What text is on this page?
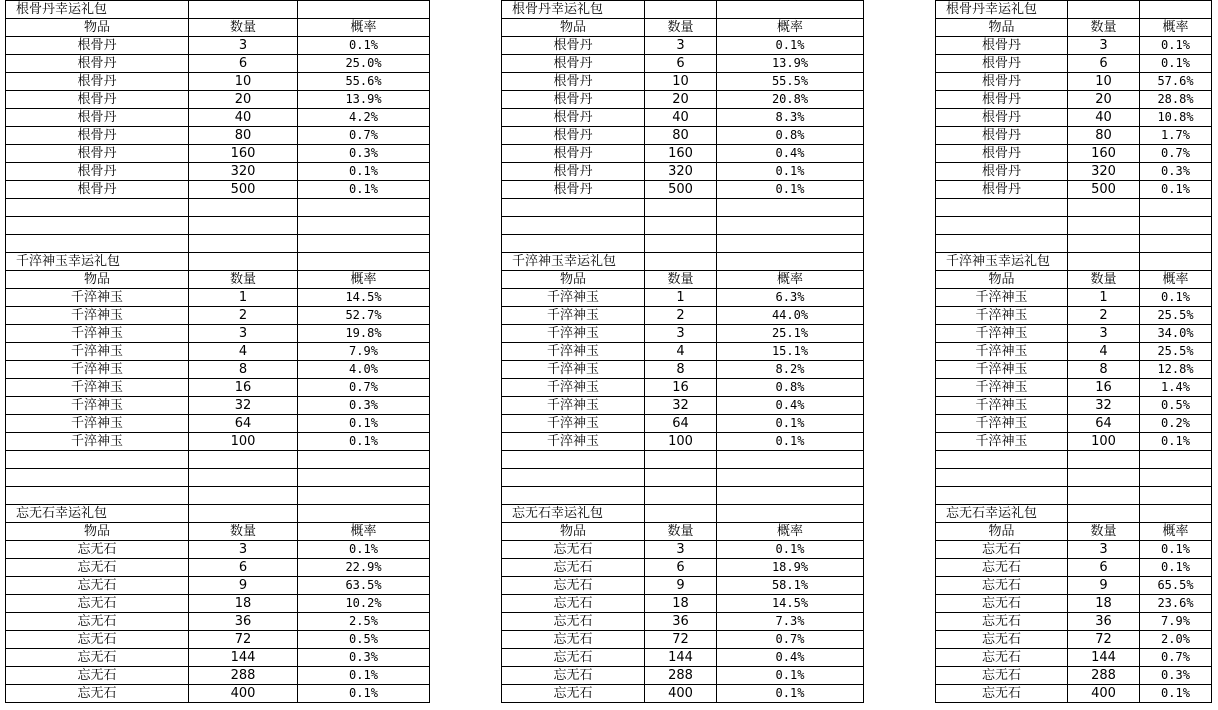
根骨丹幸运礼包		
物品	数量	概率
根骨丹	3	0.1%
根骨丹	6	25.0%
根骨丹	10	55.6%
根骨丹	20	13.9%
根骨丹	40	4.2%
根骨丹	80	0.7%
根骨丹	160	0.3%
根骨丹	320	0.1%
根骨丹	500	0.1%

千淬神玉幸运礼包		
物品	数量	概率
千淬神玉	1	14.5%
千淬神玉	2	52.7%
千淬神玉	3	19.8%
千淬神玉	4	7.9%
千淬神玉	8	4.0%
千淬神玉	16	0.7%
千淬神玉	32	0.3%
千淬神玉	64	0.1%
千淬神玉	100	0.1%

忘无石幸运礼包		
物品	数量	概率
忘无石	3	0.1%
忘无石	6	22.9%
忘无石	9	63.5%
忘无石	18	10.2%
忘无石	36	2.5%
忘无石	72	0.5%
忘无石	144	0.3%
忘无石	288	0.1%
忘无石	400	0.1%
根骨丹幸运礼包		
物品	数量	概率
根骨丹	3	0.1%
根骨丹	6	13.9%
根骨丹	10	55.5%
根骨丹	20	20.8%
根骨丹	40	8.3%
根骨丹	80	0.8%
根骨丹	160	0.4%
根骨丹	320	0.1%
根骨丹	500	0.1%

千淬神玉幸运礼包		
物品	数量	概率
千淬神玉	1	6.3%
千淬神玉	2	44.0%
千淬神玉	3	25.1%
千淬神玉	4	15.1%
千淬神玉	8	8.2%
千淬神玉	16	0.8%
千淬神玉	32	0.4%
千淬神玉	64	0.1%
千淬神玉	100	0.1%

忘无石幸运礼包		
物品	数量	概率
忘无石	3	0.1%
忘无石	6	18.9%
忘无石	9	58.1%
忘无石	18	14.5%
忘无石	36	7.3%
忘无石	72	0.7%
忘无石	144	0.4%
忘无石	288	0.1%
忘无石	400	0.1%
根骨丹幸运礼包		
物品	数量	概率
根骨丹	3	0.1%
根骨丹	6	0.1%
根骨丹	10	57.6%
根骨丹	20	28.8%
根骨丹	40	10.8%
根骨丹	80	1.7%
根骨丹	160	0.7%
根骨丹	320	0.3%
根骨丹	500	0.1%

千淬神玉幸运礼包		
物品	数量	概率
千淬神玉	1	0.1%
千淬神玉	2	25.5%
千淬神玉	3	34.0%
千淬神玉	4	25.5%
千淬神玉	8	12.8%
千淬神玉	16	1.4%
千淬神玉	32	0.5%
千淬神玉	64	0.2%
千淬神玉	100	0.1%

忘无石幸运礼包		
物品	数量	概率
忘无石	3	0.1%
忘无石	6	0.1%
忘无石	9	65.5%
忘无石	18	23.6%
忘无石	36	7.9%
忘无石	72	2.0%
忘无石	144	0.7%
忘无石	288	0.3%
忘无石	400	0.1%
